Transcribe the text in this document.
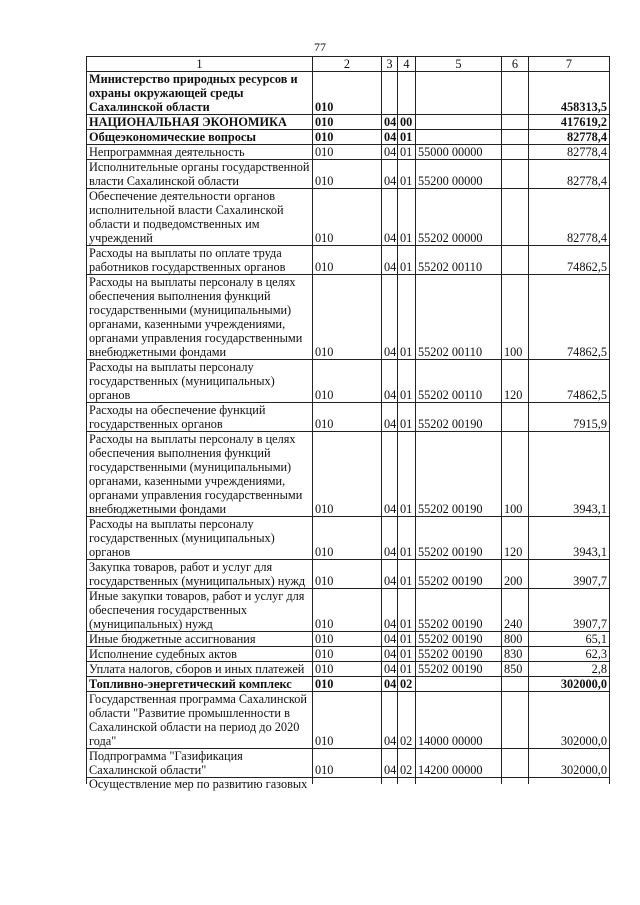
77
1	2	3	4	5	6	7
Министерство природных ресурсов и охраны окружающей среды Сахалинской области	010					458313,5
НАЦИОНАЛЬНАЯ ЭКОНОМИКА	010	04	00			417619,2
Общеэкономические вопросы	010	04	01			82778,4
Непрограммная деятельность	010	04	01	55000 00000		82778,4
Исполнительные органы государственной власти Сахалинской области	010	04	01	55200 00000		82778,4
Обеспечение деятельности органов исполнительной власти Сахалинской области и подведомственных им учреждений	010	04	01	55202 00000		82778,4
Расходы на выплаты по оплате труда работников государственных органов	010	04	01	55202 00110		74862,5
Расходы на выплаты персоналу в целях обеспечения выполнения функций государственными (муниципальными) органами, казенными учреждениями, органами управления государственными внебюджетными фондами	010	04	01	55202 00110	100	74862,5
Расходы на выплаты персоналу государственных (муниципальных) органов	010	04	01	55202 00110	120	74862,5
Расходы на обеспечение функций государственных органов	010	04	01	55202 00190		7915,9
Расходы на выплаты персоналу в целях обеспечения выполнения функций государственными (муниципальными) органами, казенными учреждениями, органами управления государственными внебюджетными фондами	010	04	01	55202 00190	100	3943,1
Расходы на выплаты персоналу государственных (муниципальных) органов	010	04	01	55202 00190	120	3943,1
Закупка товаров, работ и услуг для государственных (муниципальных) нужд	010	04	01	55202 00190	200	3907,7
Иные закупки товаров, работ и услуг для обеспечения государственных (муниципальных) нужд	010	04	01	55202 00190	240	3907,7
Иные бюджетные ассигнования	010	04	01	55202 00190	800	65,1
Исполнение судебных актов	010	04	01	55202 00190	830	62,3
Уплата налогов, сборов и иных платежей	010	04	01	55202 00190	850	2,8
Топливно-энергетический комплекс	010	04	02			302000,0
Государственная программа Сахалинской области "Развитие промышленности в Сахалинской области на период до 2020 года"	010	04	02	14000 00000		302000,0
Подпрограмма "Газификация Сахалинской области"	010	04	02	14200 00000		302000,0

Осуществление мер по развитию газовых						
